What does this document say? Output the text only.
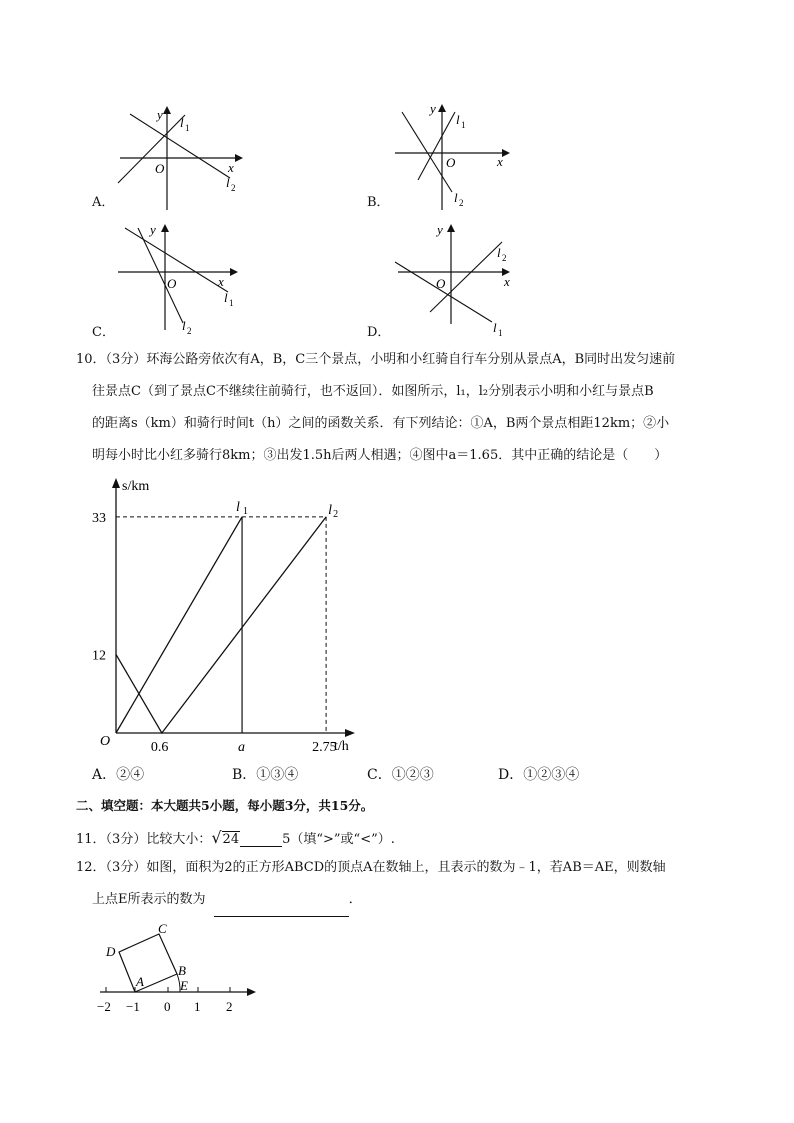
x
y
O
l 1
l 2
A．
x
y
O
l 1
l 2
B．
x
y
O
l 1
l 2
C．
x
y
O
l 1
l 2
D．
10．（3分）环海公路旁依次有A，B，C三个景点，小明和小红骑自行车分别从景点A，B同时出发匀速前
往景点C（到了景点C不继续往前骑行，也不返回）．如图所示，l₁，l₂分别表示小明和小红与景点B
的距离s（km）和骑行时间t（h）之间的函数关系．有下列结论：①A，B两个景点相距12km；②小
明每小时比小红多骑行8km；③出发1.5h后两人相遇；④图中a＝1.65．其中正确的结论是（　　）
s/km
t/h
O
l 1	l 2
12
33
0.6	a	2.75
A．②④	B．①③④	C．①②③	D．①②③④
二、填空题：本大题共5小题，每小题3分，共15分。
11．（3分）比较大小：√24	5（填“>”或“<”）.
12．（3分）如图，面积为2的正方形ABCD的顶点A在数轴上，且表示的数为﹣1，若AB＝AE，则数轴
上点E所表示的数为	．
−2 −1 0 1 2
D
C
A
B
E
